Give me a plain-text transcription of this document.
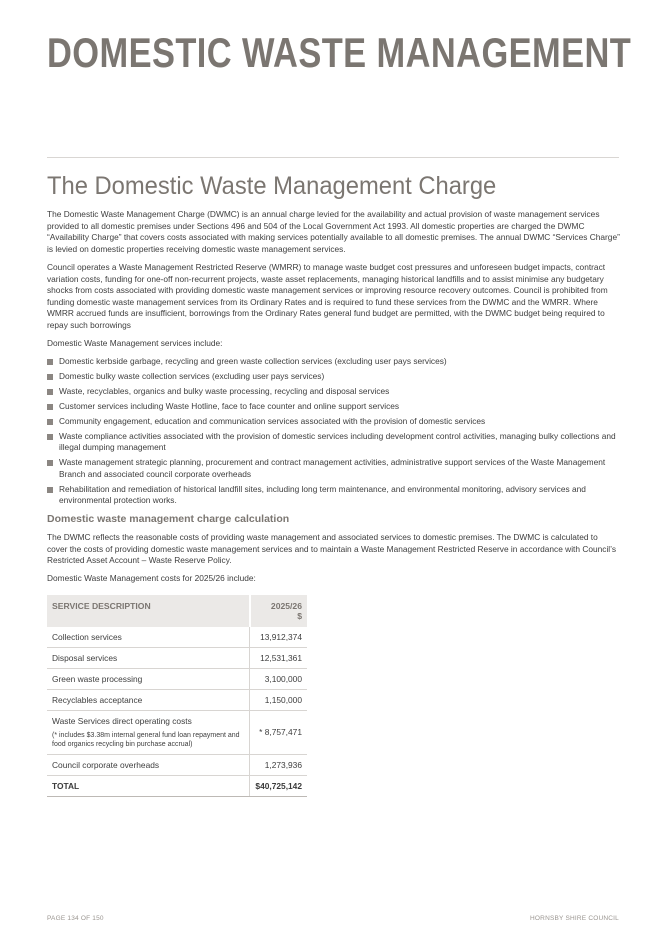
DOMESTIC WASTE MANAGEMENT
The Domestic Waste Management Charge

The Domestic Waste Management Charge (DWMC) is an annual charge levied for the availability and actual provision of waste management services provided to all domestic premises under Sections 496 and 504 of the Local Government Act 1993. All domestic properties are charged the DWMC “Availability Charge” that covers costs associated with making services potentially available to all domestic premises. The annual DWMC “Services Charge” is levied on domestic properties receiving domestic waste management services.

Council operates a Waste Management Restricted Reserve (WMRR) to manage waste budget cost pressures and unforeseen budget impacts, contract variation costs, funding for one-off non-recurrent projects, waste asset replacements, managing historical landfills and to assist minimise any budgetary shocks from costs associated with providing domestic waste management services or improving resource recovery outcomes. Council is prohibited from funding domestic waste management services from its Ordinary Rates and is required to fund these services from the DWMC and the WMRR. Where WMRR accrued funds are insufficient, borrowings from the Ordinary Rates general fund budget are permitted, with the DWMC budget being required to repay such borrowings

Domestic Waste Management services include:

Domestic kerbside garbage, recycling and green waste collection services (excluding user pays services)
Domestic bulky waste collection services (excluding user pays services)
Waste, recyclables, organics and bulky waste processing, recycling and disposal services
Customer services including Waste Hotline, face to face counter and online support services
Community engagement, education and communication services associated with the provision of domestic services
Waste compliance activities associated with the provision of domestic services including development control activities, managing bulky collections and illegal dumping management
Waste management strategic planning, procurement and contract management activities, administrative support services of the Waste Management Branch and associated council corporate overheads
Rehabilitation and remediation of historical landfill sites, including long term maintenance, and environmental monitoring, advisory services and environmental protection works.
Domestic waste management charge calculation

The DWMC reflects the reasonable costs of providing waste management and associated services to domestic premises. The DWMC is calculated to cover the costs of providing domestic waste management services and to maintain a Waste Management Restricted Reserve in accordance with Council’s Restricted Asset Account – Waste Reserve Policy.

Domestic Waste Management costs for 2025/26 include:

SERVICE DESCRIPTION	2025/26
$

Collection services	13,912,374
Disposal services	12,531,361
Green waste processing	3,100,000
Recyclables acceptance	1,150,000
Waste Services direct operating costs
(* includes $3.38m internal general fund loan repayment and food organics recycling bin purchase accrual)	* 8,757,471
Council corporate overheads	1,273,936
TOTAL	$40,725,142
PAGE 134 OF 150	HORNSBY SHIRE COUNCIL
